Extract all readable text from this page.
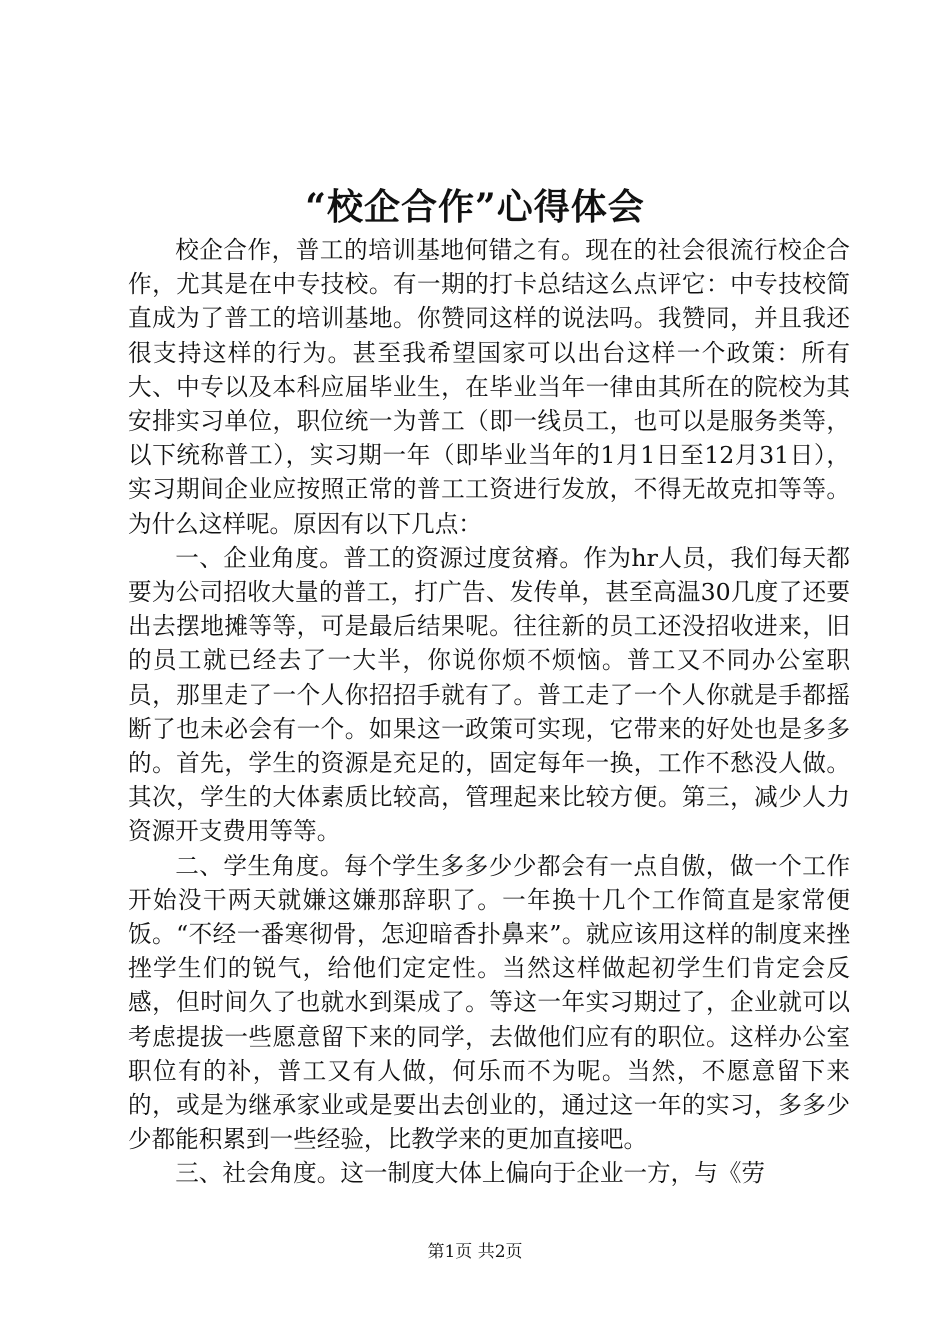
“校企合作”心得体会

校企合作，普工的培训基地何错之有。现在的社会很流行校企合作，尤其是在中专技校。有一期的打卡总结这么点评它：中专技校简直成为了普工的培训基地。你赞同这样的说法吗。我赞同，并且我还很支持这样的行为。甚至我希望国家可以出台这样一个政策：所有大、中专以及本科应届毕业生，在毕业当年一律由其所在的院校为其安排实习单位，职位统一为普工（即一线员工，也可以是服务类等，以下统称普工），实习期一年（即毕业当年的1月1日至12月31日），实习期间企业应按照正常的普工工资进行发放，不得无故克扣等等。为什么这样呢。原因有以下几点：

一、企业角度。普工的资源过度贫瘠。作为hr人员，我们每天都要为公司招收大量的普工，打广告、发传单，甚至高温30几度了还要出去摆地摊等等，可是最后结果呢。往往新的员工还没招收进来，旧的员工就已经去了一大半，你说你烦不烦恼。普工又不同办公室职员，那里走了一个人你招招手就有了。普工走了一个人你就是手都摇断了也未必会有一个。如果这一政策可实现，它带来的好处也是多多的。首先，学生的资源是充足的，固定每年一换，工作不愁没人做。其次，学生的大体素质比较高，管理起来比较方便。第三，减少人力资源开支费用等等。

二、学生角度。每个学生多多少少都会有一点自傲，做一个工作开始没干两天就嫌这嫌那辞职了。一年换十几个工作简直是家常便饭。“不经一番寒彻骨，怎迎暗香扑鼻来”。就应该用这样的制度来挫挫学生们的锐气，给他们定定性。当然这样做起初学生们肯定会反感，但时间久了也就水到渠成了。等这一年实习期过了，企业就可以考虑提拔一些愿意留下来的同学，去做他们应有的职位。这样办公室职位有的补，普工又有人做，何乐而不为呢。当然，不愿意留下来的，或是为继承家业或是要出去创业的，通过这一年的实习，多多少少都能积累到一些经验，比教学来的更加直接吧。

三、社会角度。这一制度大体上偏向于企业一方，与《劳

第1页 共2页
